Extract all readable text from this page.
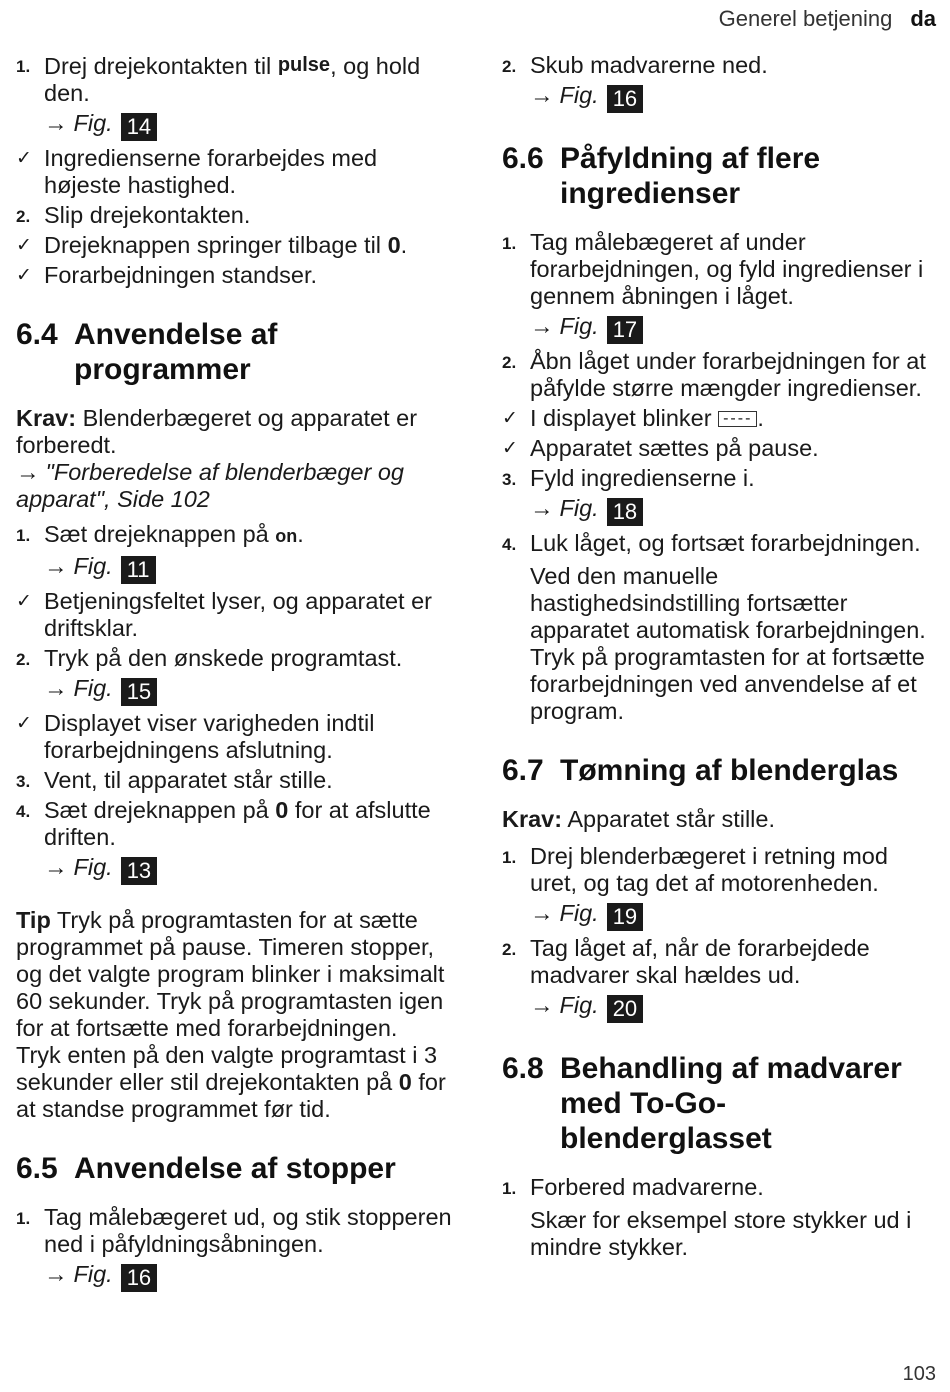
Generel betjening da
1. Drej drejekontakten til pulse, og hold den.
→ Fig. 14
✓ Ingredienserne forarbejdes med højeste hastighed.
2. Slip drejekontakten.
✓ Drejeknappen springer tilbage til 0.
✓ Forarbejdningen standser.
6.4 Anvendelse af programmer

Krav: Blenderbægeret og apparatet er forberedt.

→ "Forberedelse af blenderbæger og apparat", Side 102

1. Sæt drejeknappen på on.
→ Fig. 11
✓ Betjeningsfeltet lyser, og apparatet er driftsklar.
2. Tryk på den ønskede programtast.
→ Fig. 15
✓ Displayet viser varigheden indtil forarbejdningens afslutning.
3. Vent, til apparatet står stille.
4. Sæt drejeknappen på 0 for at afslutte driften.
→ Fig. 13

Tip Tryk på programtasten for at sætte programmet på pause. Timeren stopper, og det valgte program blinker i maksimalt 60 sekunder. Tryk på programtasten igen for at fortsætte med forarbejdningen.

Tryk enten på den valgte programtast i 3 sekunder eller stil drejekontakten på 0 for at standse programmet før tid.

6.5 Anvendelse af stopper
1. Tag målebægeret ud, og stik stopperen ned i påfyldningsåbningen.
→ Fig. 16
2. Skub madvarerne ned.
→ Fig. 16
6.6 Påfyldning af flere ingredienser
1. Tag målebægeret af under forarbejdningen, og fyld ingredienser i gennem åbningen i låget.
→ Fig. 17
2. Åbn låget under forarbejdningen for at påfylde større mængder ingredienser.
✓ I displayet blinker ---- .
✓ Apparatet sættes på pause.
3. Fyld ingredienserne i.
→ Fig. 18
4. Luk låget, og fortsæt forarbejdningen.
Ved den manuelle hastighedsindstilling fortsætter apparatet automatisk forarbejdningen.
Tryk på programtasten for at fortsætte forarbejdningen ved anvendelse af et program.
6.7 Tømning af blenderglas

Krav: Apparatet står stille.

1. Drej blenderbægeret i retning mod uret, og tag det af motorenheden.
→ Fig. 19
2. Tag låget af, når de forarbejdede madvarer skal hældes ud.
→ Fig. 20
6.8 Behandling af madvarer med To-Go-blenderglasset
1. Forbered madvarerne.
Skær for eksempel store stykker ud i mindre stykker.
103
